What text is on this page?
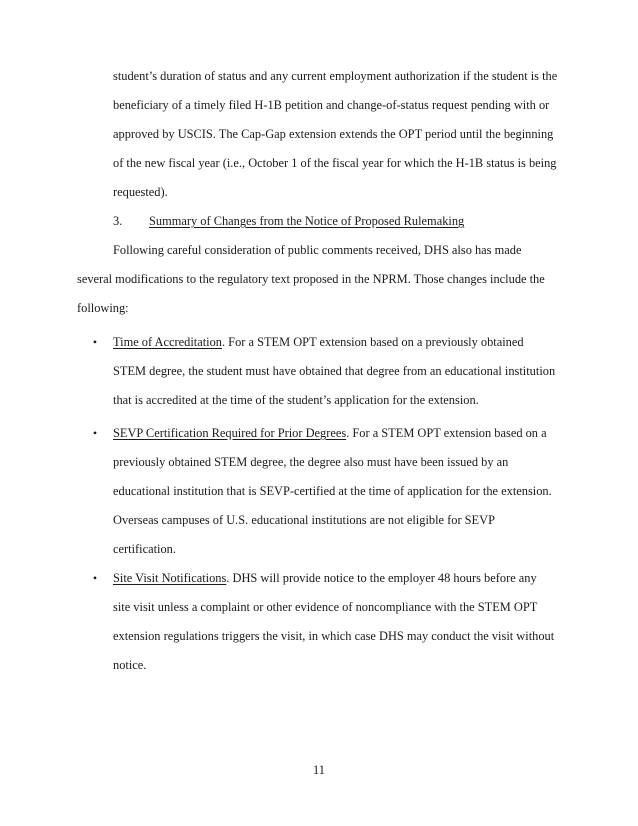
student’s duration of status and any current employment authorization if the student is the
beneficiary of a timely filed H-1B petition and change-of-status request pending with or
approved by USCIS. The Cap-Gap extension extends the OPT period until the beginning
of the new fiscal year (i.e., October 1 of the fiscal year for which the H-1B status is being
requested).
3. Summary of Changes from the Notice of Proposed Rulemaking
Following careful consideration of public comments received, DHS also has made
several modifications to the regulatory text proposed in the NPRM. Those changes include the
following:
• Time of Accreditation. For a STEM OPT extension based on a previously obtained
STEM degree, the student must have obtained that degree from an educational institution
that is accredited at the time of the student’s application for the extension.
• SEVP Certification Required for Prior Degrees. For a STEM OPT extension based on a
previously obtained STEM degree, the degree also must have been issued by an
educational institution that is SEVP-certified at the time of application for the extension.
Overseas campuses of U.S. educational institutions are not eligible for SEVP
certification.
• Site Visit Notifications. DHS will provide notice to the employer 48 hours before any
site visit unless a complaint or other evidence of noncompliance with the STEM OPT
extension regulations triggers the visit, in which case DHS may conduct the visit without
notice.
11
